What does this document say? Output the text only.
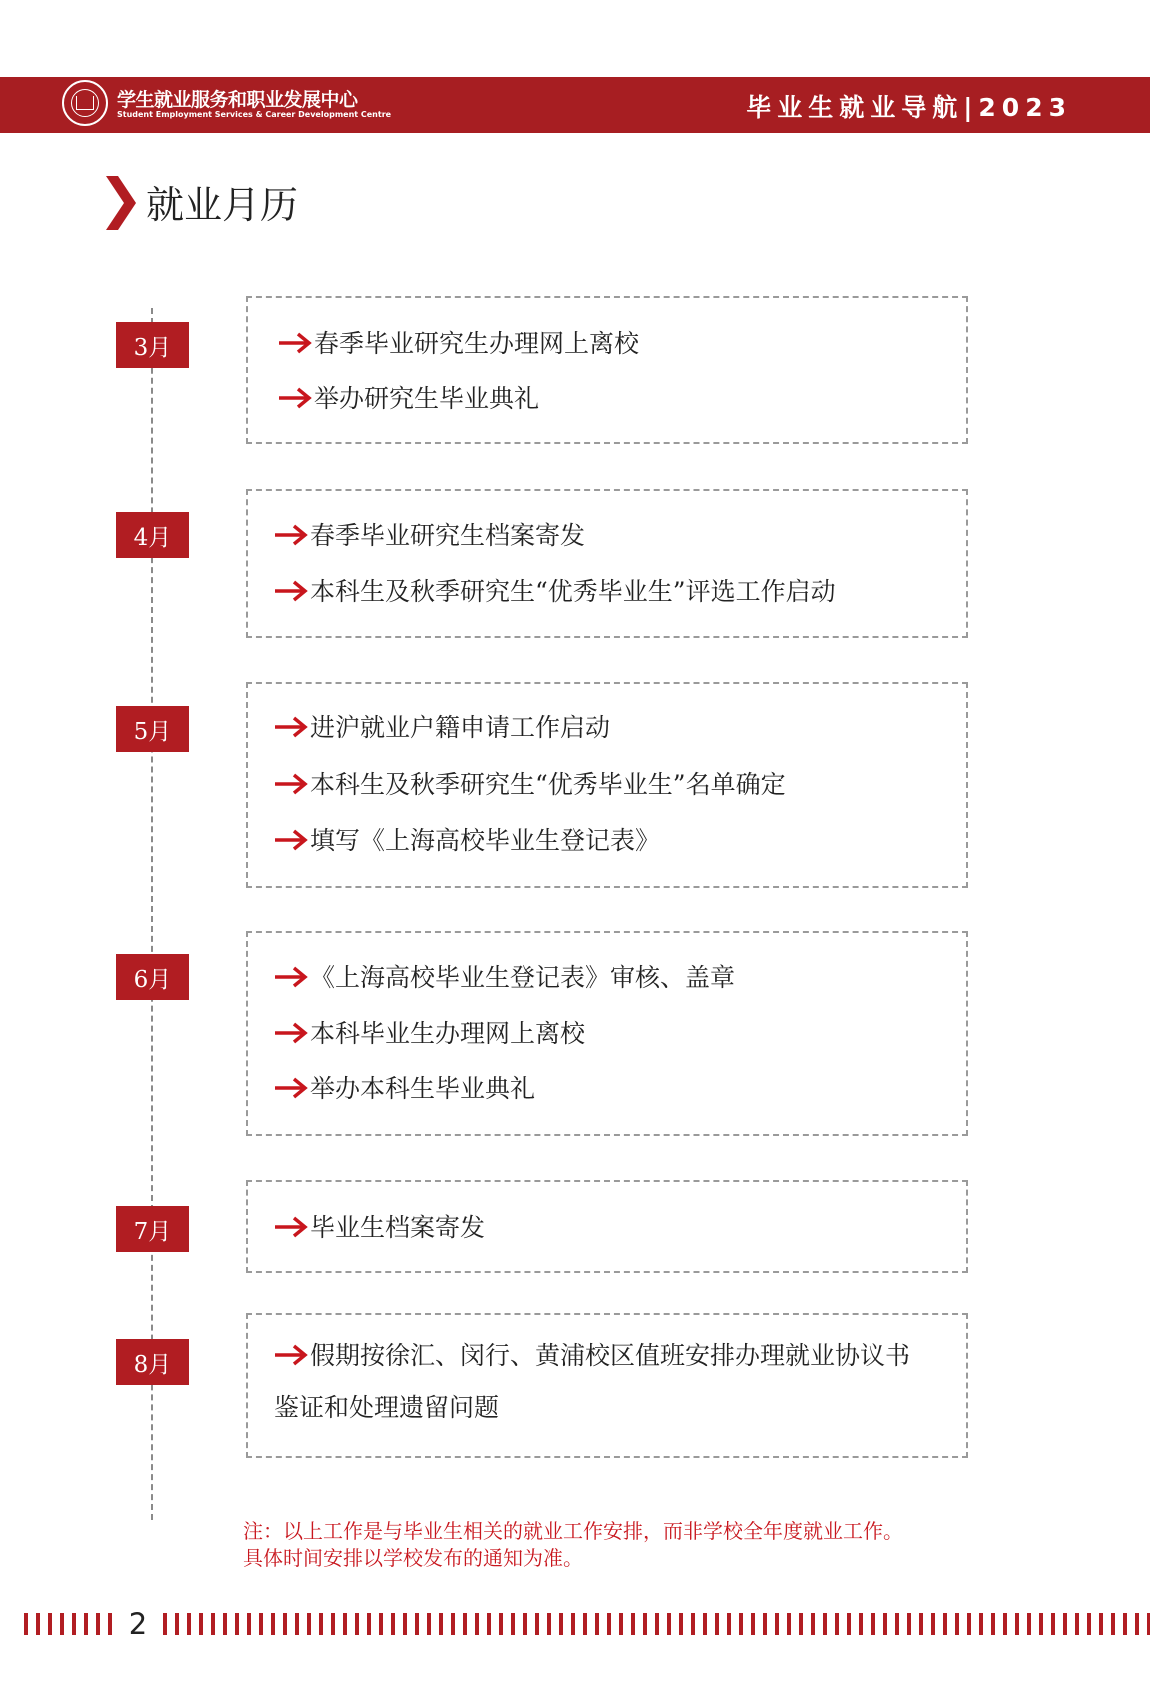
学生就业服务和职业发展中心
Student Employment Services & Career Development Centre	毕业生就业导航|2023
就业月历
3月	春季毕业研究生办理网上离校
举办研究生毕业典礼
4月	春季毕业研究生档案寄发
本科生及秋季研究生“优秀毕业生”评选工作启动
5月	进沪就业户籍申请工作启动
本科生及秋季研究生“优秀毕业生”名单确定
填写《上海高校毕业生登记表》
6月	《上海高校毕业生登记表》审核、盖章
本科毕业生办理网上离校
举办本科生毕业典礼
7月	毕业生档案寄发
8月	假期按徐汇、闵行、黄浦校区值班安排办理就业协议书鉴证和处理遗留问题
注：以上工作是与毕业生相关的就业工作安排，而非学校全年度就业工作。
具体时间安排以学校发布的通知为准。
2
